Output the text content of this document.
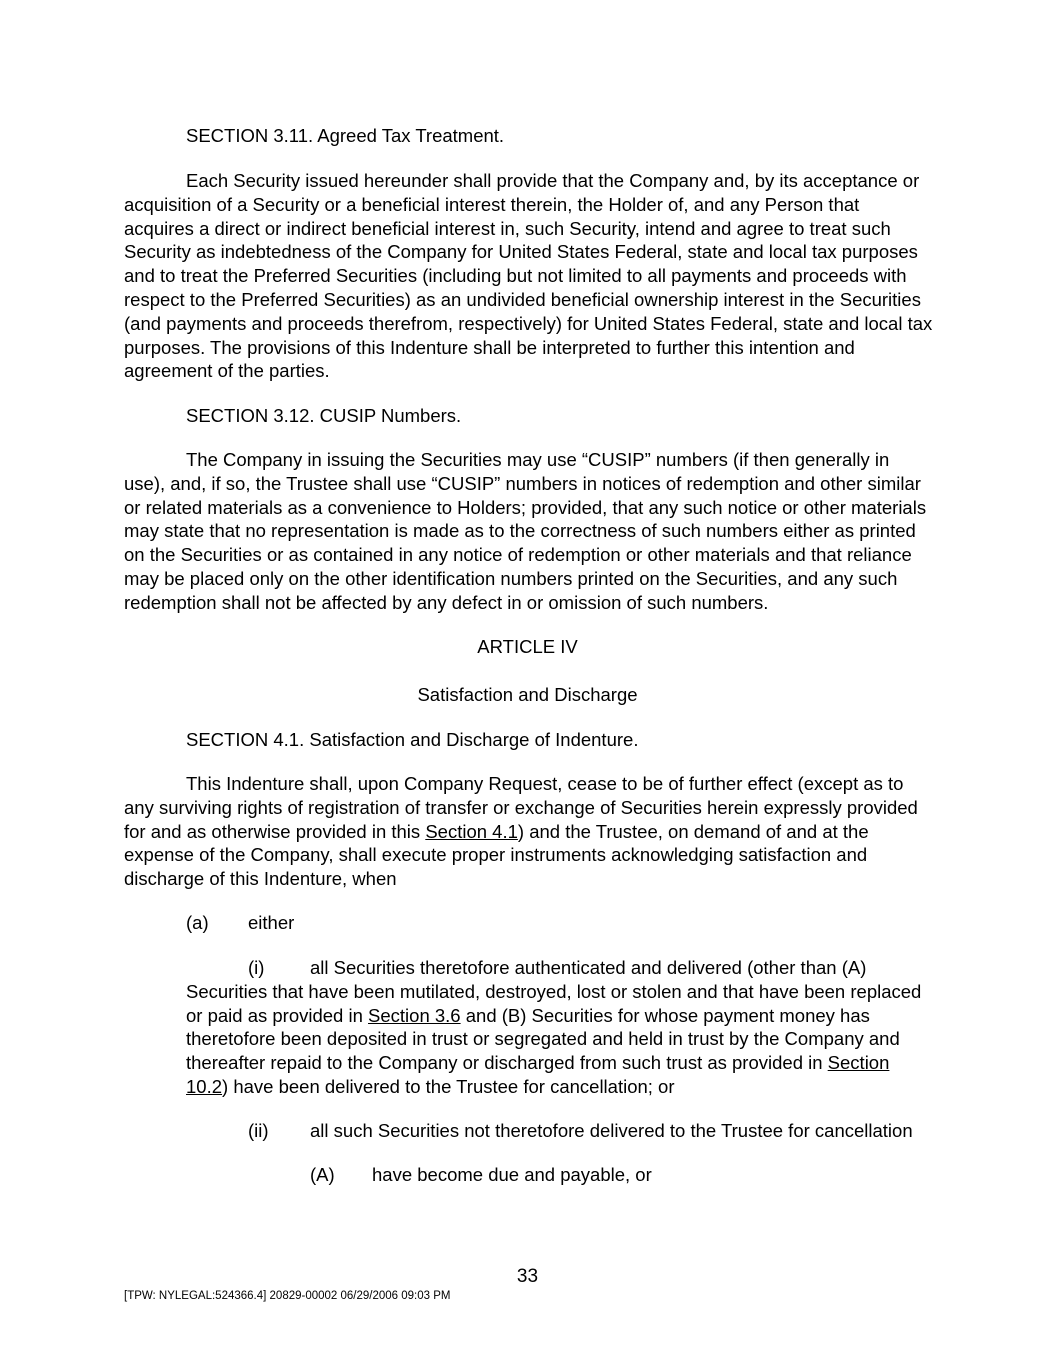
SECTION 3.11. Agreed Tax Treatment.

Each Security issued hereunder shall provide that the Company and, by its acceptance or acquisition of a Security or a beneficial interest therein, the Holder of, and any Person that acquires a direct or indirect beneficial interest in, such Security, intend and agree to treat such Security as indebtedness of the Company for United States Federal, state and local tax purposes and to treat the Preferred Securities (including but not limited to all payments and proceeds with respect to the Preferred Securities) as an undivided beneficial ownership interest in the Securities (and payments and proceeds therefrom, respectively) for United States Federal, state and local tax purposes. The provisions of this Indenture shall be interpreted to further this intention and agreement of the parties.

SECTION 3.12. CUSIP Numbers.

The Company in issuing the Securities may use “CUSIP” numbers (if then generally in use), and, if so, the Trustee shall use “CUSIP” numbers in notices of redemption and other similar or related materials as a convenience to Holders; provided, that any such notice or other materials may state that no representation is made as to the correctness of such numbers either as printed on the Securities or as contained in any notice of redemption or other materials and that reliance may be placed only on the other identification numbers printed on the Securities, and any such redemption shall not be affected by any defect in or omission of such numbers.

ARTICLE IV

Satisfaction and Discharge

SECTION 4.1. Satisfaction and Discharge of Indenture.

This Indenture shall, upon Company Request, cease to be of further effect (except as to any surviving rights of registration of transfer or exchange of Securities herein expressly provided for and as otherwise provided in this Section 4.1) and the Trustee, on demand of and at the expense of the Company, shall execute proper instruments acknowledging satisfaction and discharge of this Indenture, when

(a) either

(i) all Securities theretofore authenticated and delivered (other than (A) Securities that have been mutilated, destroyed, lost or stolen and that have been replaced or paid as provided in Section 3.6 and (B) Securities for whose payment money has theretofore been deposited in trust or segregated and held in trust by the Company and thereafter repaid to the Company or discharged from such trust as provided in Section 10.2) have been delivered to the Trustee for cancellation; or

(ii) all such Securities not theretofore delivered to the Trustee for cancellation

(A) have become due and payable, or

33

[TPW: NYLEGAL:524366.4] 20829-00002 06/29/2006 09:03 PM
